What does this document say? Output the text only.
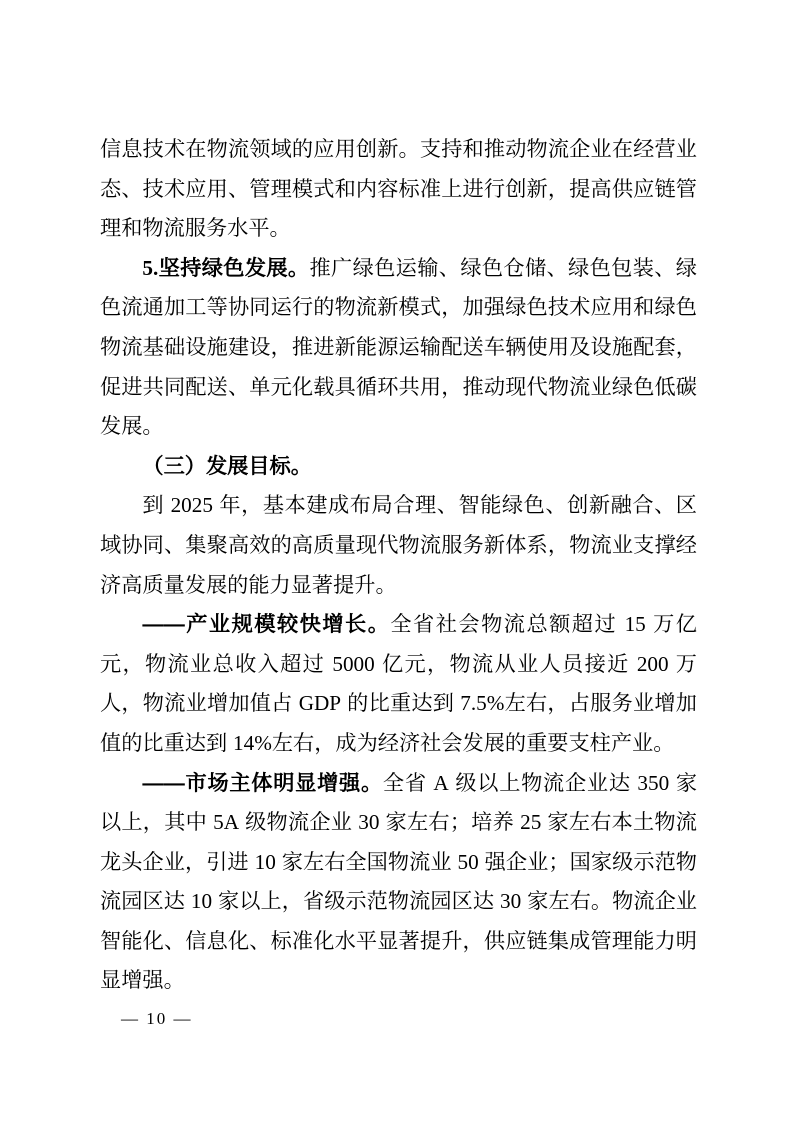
信息技术在物流领域的应用创新。支持和推动物流企业在经营业态、技术应用、管理模式和内容标准上进行创新，提高供应链管理和物流服务水平。

5.坚持绿色发展。推广绿色运输、绿色仓储、绿色包装、绿色流通加工等协同运行的物流新模式，加强绿色技术应用和绿色物流基础设施建设，推进新能源运输配送车辆使用及设施配套，促进共同配送、单元化载具循环共用，推动现代物流业绿色低碳发展。

（三）发展目标。

到 2025 年，基本建成布局合理、智能绿色、创新融合、区域协同、集聚高效的高质量现代物流服务新体系，物流业支撑经济高质量发展的能力显著提升。

——产业规模较快增长。全省社会物流总额超过 15 万亿元，物流业总收入超过 5000 亿元，物流从业人员接近 200 万人，物流业增加值占 GDP 的比重达到 7.5%左右，占服务业增加值的比重达到 14%左右，成为经济社会发展的重要支柱产业。

——市场主体明显增强。全省 A 级以上物流企业达 350 家以上，其中 5A 级物流企业 30 家左右；培养 25 家左右本土物流龙头企业，引进 10 家左右全国物流业 50 强企业；国家级示范物流园区达 10 家以上，省级示范物流园区达 30 家左右。物流企业智能化、信息化、标准化水平显著提升，供应链集成管理能力明显增强。

— 10 —
